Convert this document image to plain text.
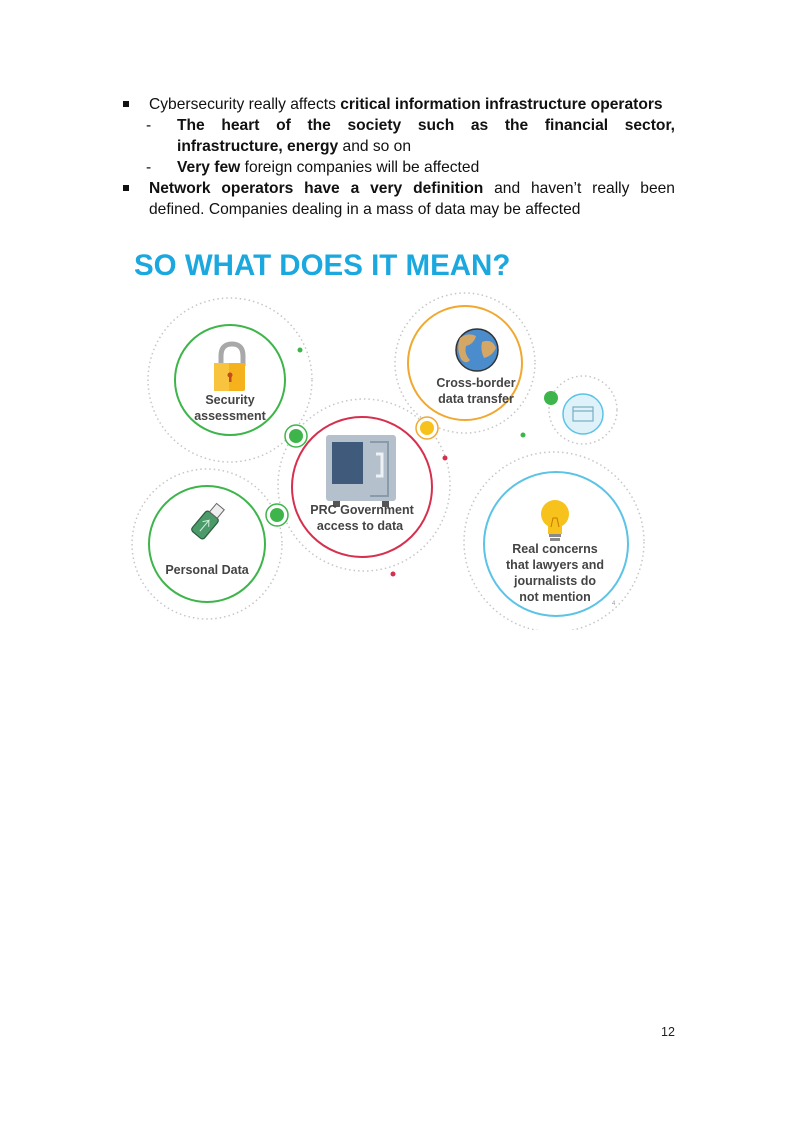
Cybersecurity really affects critical information infrastructure operators
- The heart of the society such as the financial sector,
infrastructure, energy and so on
- Very few foreign companies will be affected
Network operators have a very definition and haven’t really been
defined. Companies dealing in a mass of data may be affected
SO WHAT DOES IT MEAN?
Security
assessment
Cross-border
data transfer
PRC Government
access to data
Personal Data
Real concerns
that lawyers and
journalists do
not mention	4
12
